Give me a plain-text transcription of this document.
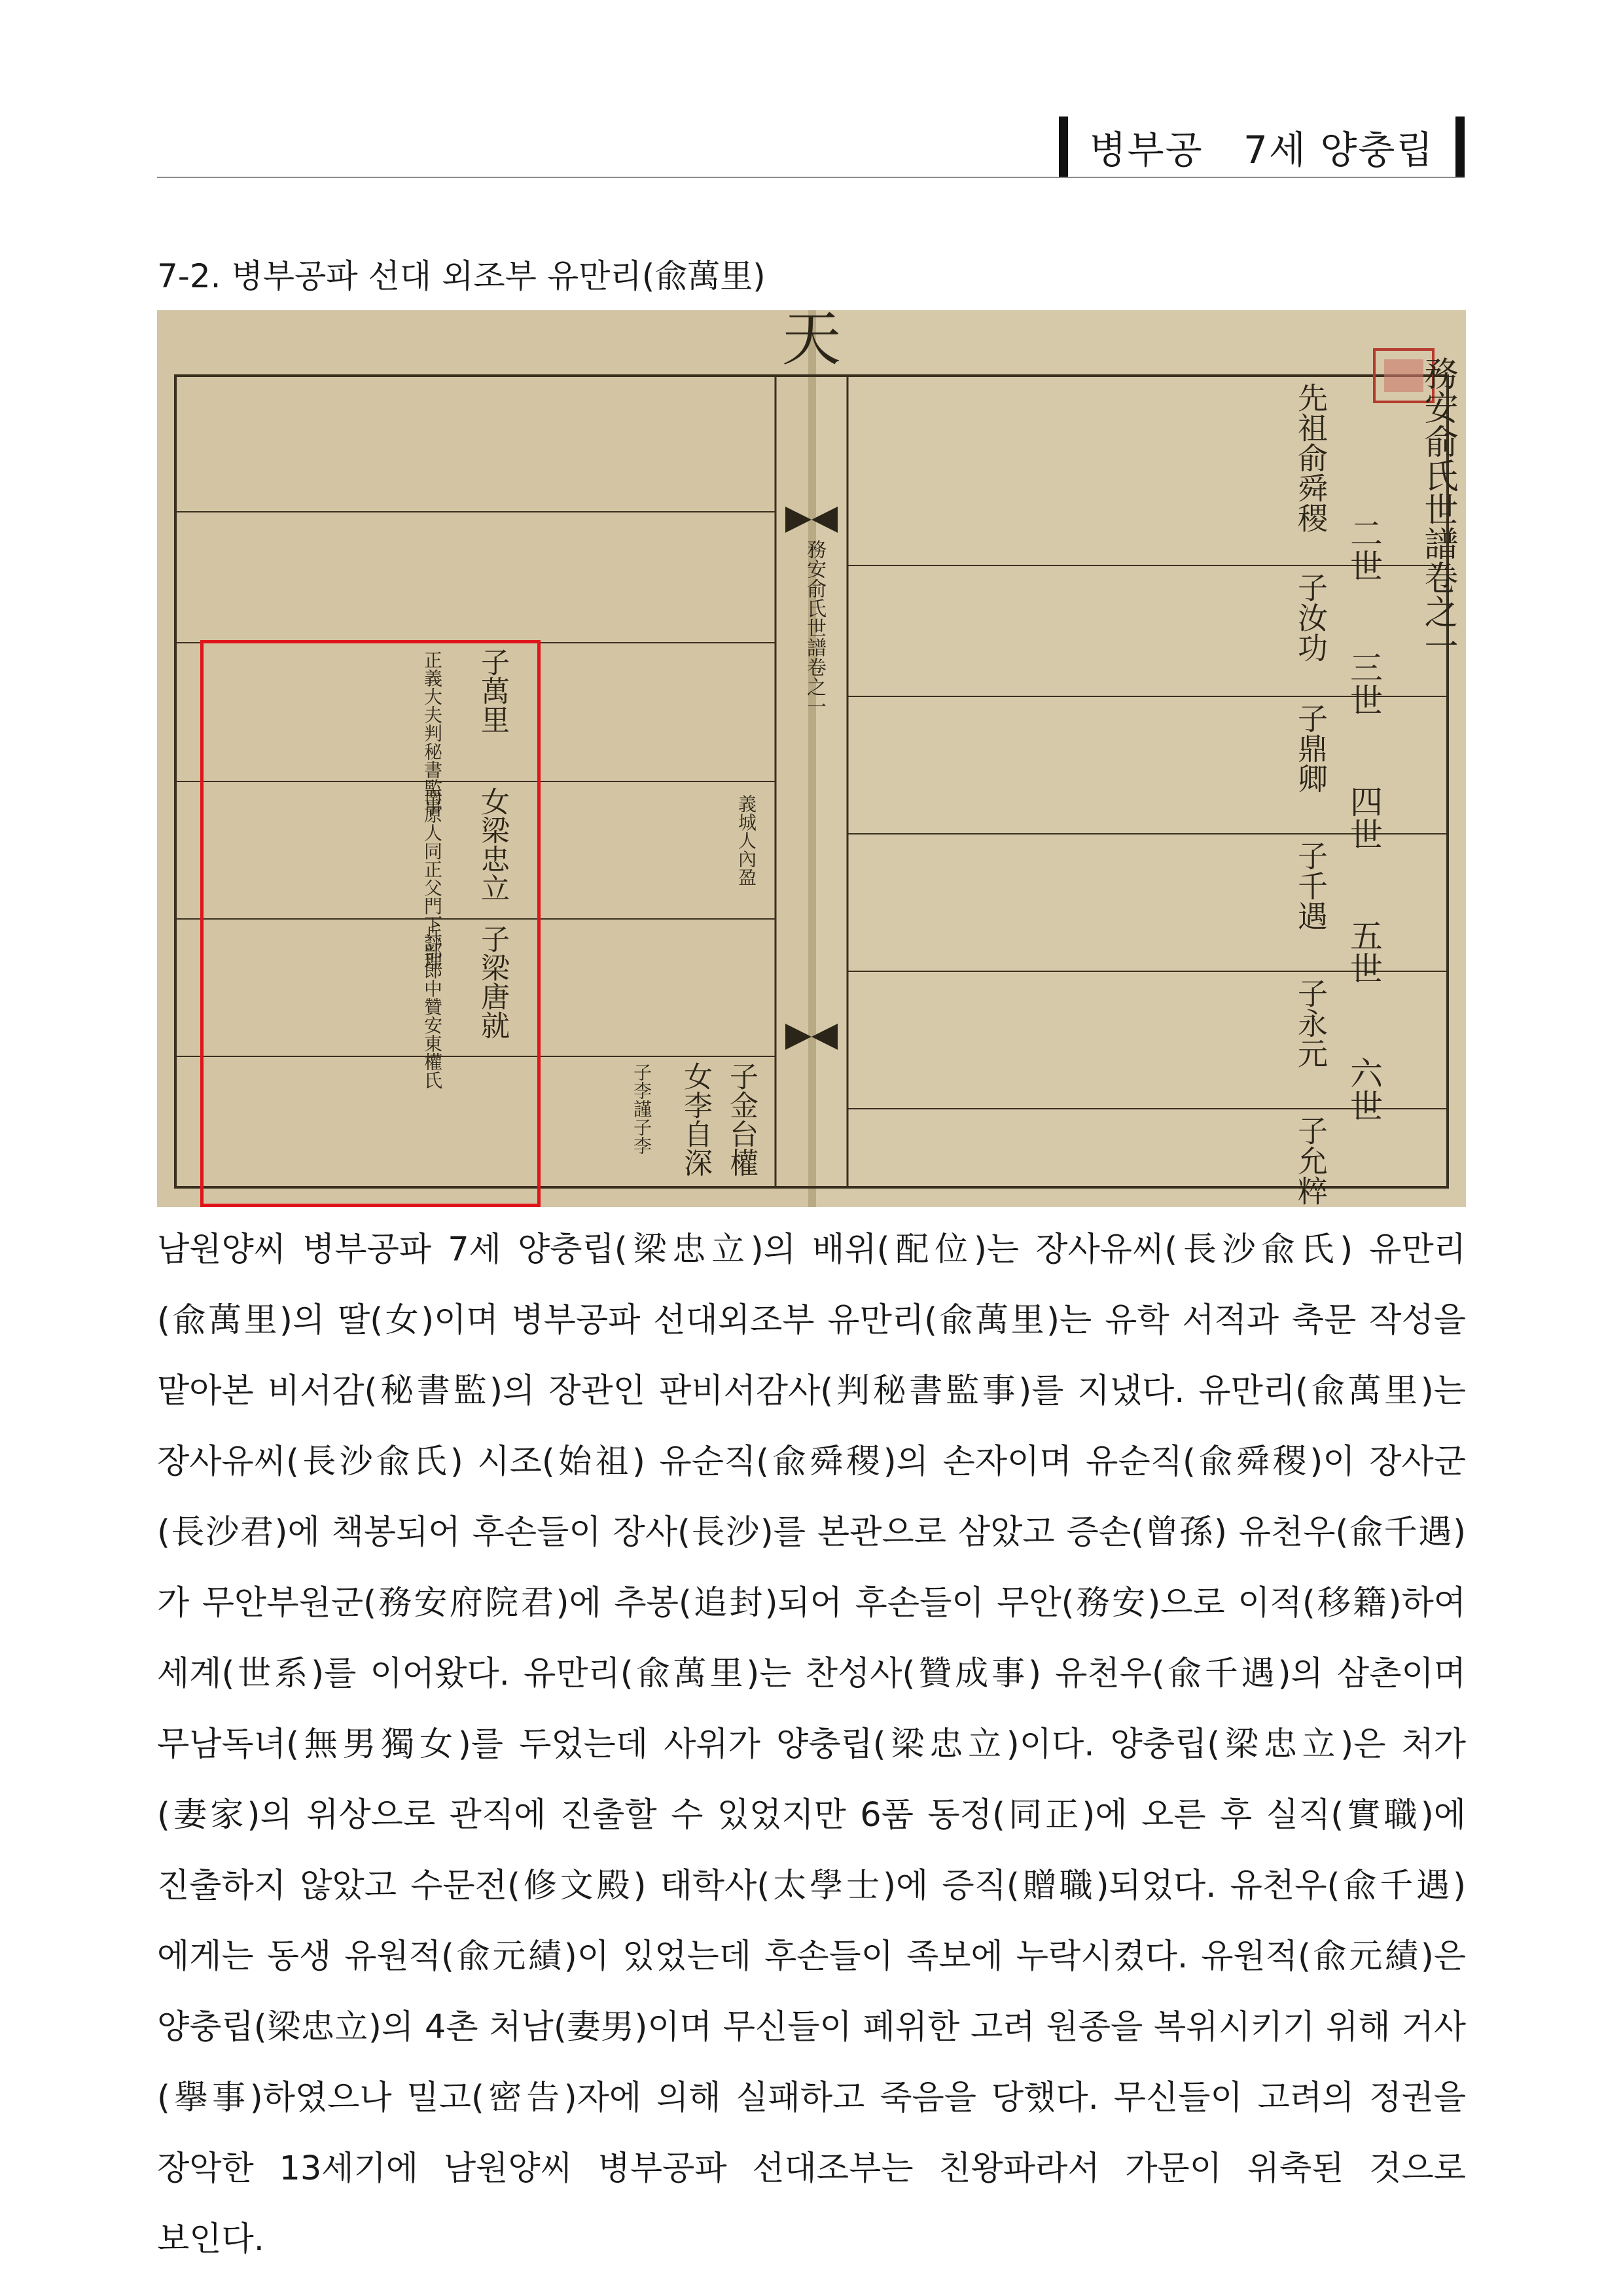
병부공   7세 양충립
7-2. 병부공파 선대 외조부 유만리(兪萬里)
天
務安俞氏世譜卷之一
二世
三世
四世
五世
六世
先祖俞舜稷
子汝功
子鼎卿
子千遇
子永元
子允粹
務安俞氏世譜卷之一
子萬里
正義大夫判秘書監事
女梁忠立
南原人同正父門下評理
子梁唐就
兵部郎中贊安東權氏
子金台權
女李自深
子李謹子李
義城人內盈
남원양씨 병부공파 7세 양충립(梁忠立)의 배위(配位)는 장사유씨(長沙兪氏) 유만리(兪萬里)의 딸(女)이며 병부공파 선대외조부 유만리(兪萬里)는 유학 서적과 축문 작성을 맡아본 비서감(秘書監)의 장관인 판비서감사(判秘書監事)를 지냈다. 유만리(兪萬里)는 장사유씨(長沙兪氏) 시조(始祖) 유순직(兪舜稷)의 손자이며 유순직(兪舜稷)이 장사군(長沙君)에 책봉되어 후손들이 장사(長沙)를 본관으로 삼았고 증손(曾孫) 유천우(兪千遇)가 무안부원군(務安府院君)에 추봉(追封)되어 후손들이 무안(務安)으로 이적(移籍)하여 세계(世系)를 이어왔다. 유만리(兪萬里)는 찬성사(贊成事) 유천우(兪千遇)의 삼촌이며 무남독녀(無男獨女)를 두었는데 사위가 양충립(梁忠立)이다. 양충립(梁忠立)은 처가(妻家)의 위상으로 관직에 진출할 수 있었지만 6품 동정(同正)에 오른 후 실직(實職)에 진출하지 않았고 수문전(修文殿) 태학사(太學士)에 증직(贈職)되었다. 유천우(兪千遇)에게는 동생 유원적(兪元績)이 있었는데 후손들이 족보에 누락시켰다. 유원적(兪元績)은 양충립(梁忠立)의 4촌 처남(妻男)이며 무신들이 폐위한 고려 원종을 복위시키기 위해 거사(擧事)하였으나 밀고(密告)자에 의해 실패하고 죽음을 당했다. 무신들이 고려의 정권을 장악한 13세기에 남원양씨 병부공파 선대조부는 친왕파라서 가문이 위축된 것으로 보인다.
